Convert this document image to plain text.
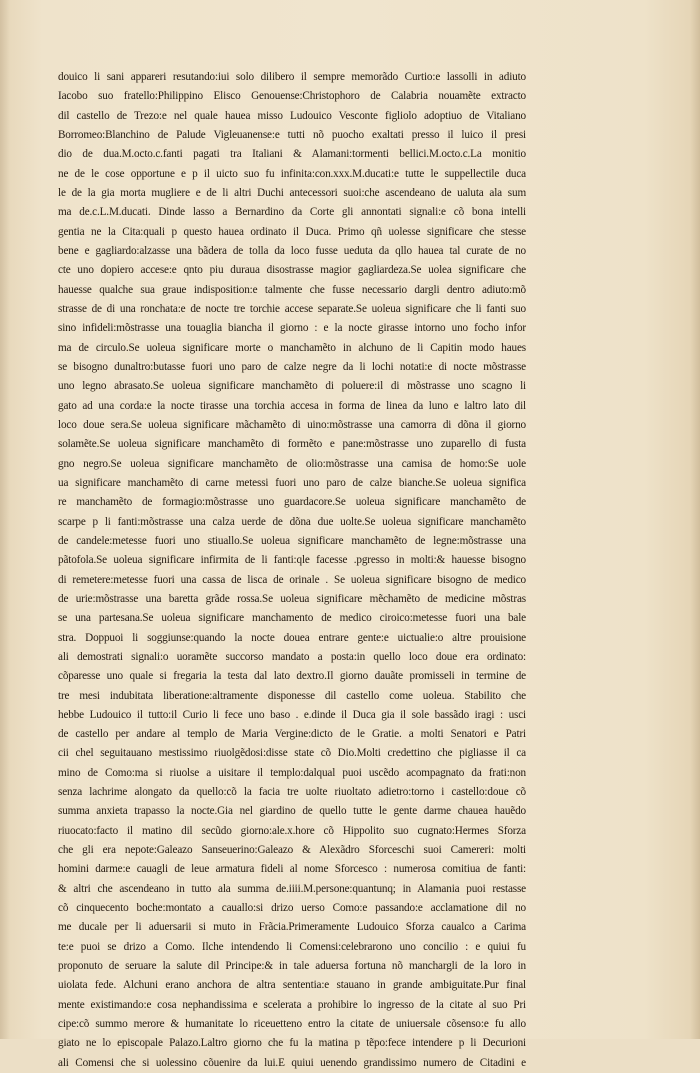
douico li sani appareri resutando:iui solo dilibero il sempre memorãdo Curtio:e lassolli in adiuto
Iacobo suo fratello:Philippino Elisco Genouense:Christophoro de Calabria nouamẽte extracto
dil castello de Trezo:e nel quale hauea misso Ludouico Vesconte figliolo adoptiuo de Vitaliano
Borromeo:Blanchino de Palude Vigleuanense:e tutti nõ puocho exaltati presso il luico il presi
dio de dua.M.octo.c.fanti pagati tra Italiani & Alamani:tormenti bellici.M.octo.c.La monitio
ne de le cose opportune e p il uicto suo fu infinita:con.xxx.M.ducati:e tutte le suppellectile duca
le de la gia morta mugliere e de li altri Duchi antecessori suoi:che ascendeano de ualuta ala sum
ma de.c.L.M.ducati. Dinde lasso a Bernardino da Corte gli annontati signali:e cõ bona intelli
gentia ne la Cita:quali p questo hauea ordinato il Duca. Primo qñ uolesse significare che stesse
bene e gagliardo:alzasse una bãdera de tolla da loco fusse ueduta da qllo hauea tal curate de no
cte uno dopiero accese:e qnto piu duraua disostrasse magior gagliardeza.Se uolea significare che
hauesse qualche sua graue indisposition:e talmente che fusse necessario dargli dentro adiuto:mõ
strasse de di una ronchata:e de nocte tre torchie accese separate.Se uoleua significare che li fanti suo
sino infideli:mõstrasse una touaglia biancha il giorno : e la nocte girasse intorno uno focho infor
ma de circulo.Se uoleua significare morte o manchamẽto in alchuno de li Capitin modo haues
se bisogno dunaltro:butasse fuori uno paro de calze negre da li lochi notati:e di nocte mõstrasse
uno legno abrasato.Se uoleua significare manchamẽto di poluere:il di mõstrasse uno scagno li
gato ad una corda:e la nocte tirasse una torchia accesa in forma de linea da luno e laltro lato dil
loco doue sera.Se uoleua significare mãchamẽto di uino:mõstrasse una camorra di dõna il giorno
solamẽte.Se uoleua significare manchamẽto di formẽto e pane:mõstrasse uno zuparello di fusta
gno negro.Se uoleua significare manchamẽto de olio:mõstrasse una camisa de homo:Se uole
ua significare manchamẽto di carne metessi fuori uno paro de calze bianche.Se uoleua significa
re manchamẽto de formagio:mõstrasse uno guardacore.Se uoleua significare manchamẽto de
scarpe p li fanti:mõstrasse una calza uerde de dõna due uolte.Se uoleua significare manchamẽto
de candele:metesse fuori uno stiuallo.Se uoleua significare manchamẽto de legne:mõstrasse una
pãtofola.Se uoleua significare infirmita de li fanti:qle facesse .pgresso in molti:& hauesse bisogno
di remetere:metesse fuori una cassa de lisca de orinale . Se uoleua significare bisogno de medico
de urie:mõstrasse una baretta grãde rossa.Se uoleua significare mẽchamẽto de medicine mõstras
se una partesana.Se uoleua significare manchamento de medico ciroico:metesse fuori una bale
stra. Doppuoi li soggiunse:quando la nocte douea entrare gente:e uictualie:o altre prouisione
ali demostrati signali:o uoramẽte succorso mandato a posta:in quello loco doue era ordinato:
cõparesse uno quale si fregaria la testa dal lato dextro.Il giorno dauãte promisseli in termine de
tre mesi indubitata liberatione:altramente disponesse dil castello come uoleua. Stabilito che
hebbe Ludouico il tutto:il Curio li fece uno baso . e.dinde il Duca gia il sole bassãdo iragi : usci
de castello per andare al templo de Maria Vergine:dicto de le Gratie. a molti Senatori e Patri
cii chel seguitauano mestissimo riuolgẽdosi:disse state cõ Dio.Molti credettino che pigliasse il ca
mino de Como:ma si riuolse a uisitare il templo:dalqual puoi uscẽdo acompagnato da frati:non
senza lachrime alongato da quello:cõ la facia tre uolte riuoltato adietro:torno i castello:doue cõ
summa anxieta trapasso la nocte.Gia nel giardino de quello tutte le gente darme chauea hauẽdo
riuocato:facto il matino dil secũdo giorno:ale.x.hore cõ Hippolito suo cugnato:Hermes Sforza
che gli era nepote:Galeazo Sanseuerino:Galeazo & Alexãdro Sforceschi suoi Camereri: molti
homini darme:e cauagli de leue armatura fideli al nome Sforcesco : numerosa comitiua de fanti:
& altri che ascendeano in tutto ala summa de.iiii.M.persone:quantunq; in Alamania puoi restasse
cõ cinquecento boche:montato a cauallo:si drizo uerso Como:e passando:e acclamatione dil no
me ducale per li aduersarii si muto in Frãcia.Primeramente Ludouico Sforza caualco a Carima
te:e puoi se drizo a Como. Ilche intendendo li Comensi:celebrarono uno concilio : e quiui fu
proponuto de seruare la salute dil Principe:& in tale aduersa fortuna nõ manchargli de la loro in
uiolata fede. Alchuni erano anchora de altra sententia:e stauano in grande ambiguitate.Pur final
mente existimando:e cosa nephandissima e scelerata a prohibire lo ingresso de la citate al suo Pri
cipe:cõ summo merore & humanitate lo riceuetteno entro la citate de uniuersale cõsenso:e fu allo
giato ne lo episcopale Palazo.Laltro giorno che fu la matina p tẽpo:fece intendere p li Decurioni
ali Comensi che si uolessino cõuenire da lui.E quiui uenendo grandissimo numero de Citadini e
